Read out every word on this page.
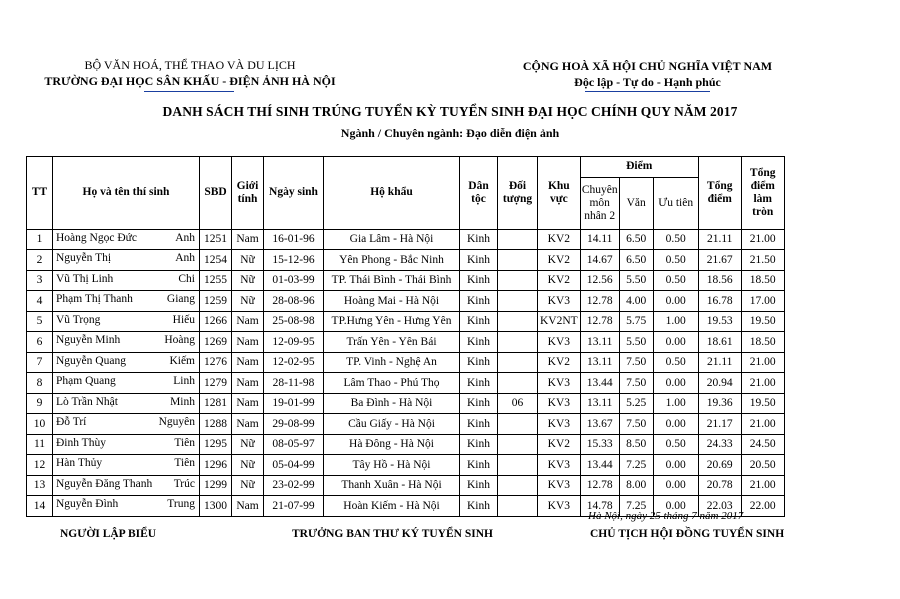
BỘ VĂN HOÁ, THỂ THAO VÀ DU LỊCH
TRƯỜNG ĐẠI HỌC SÂN KHẤU - ĐIỆN ẢNH HÀ NỘI
CỘNG HOÀ XÃ HỘI CHỦ NGHĨA VIỆT NAM
Độc lập - Tự do - Hạnh phúc
DANH SÁCH THÍ SINH TRÚNG TUYỂN KỲ TUYỂN SINH ĐẠI HỌC CHÍNH QUY NĂM 2017
Ngành / Chuyên ngành: Đạo diễn điện ảnh
TT	Họ và tên thí sinh	SBD	Giới tính	Ngày sinh	Hộ khẩu	Dân tộc	Đối tượng	Khu vực	Điểm			Tổng điểm	Tổng điểm làm tròn
									Chuyên môn nhân 2	Văn	Ưu tiên		
1	Hoàng Ngọc Đức Anh	1251	Nam	16-01-96	Gia Lâm - Hà Nội	Kinh		KV2	14.11	6.50	0.50	21.11	21.00
2	Nguyễn Thị Anh	1254	Nữ	15-12-96	Yên Phong - Bắc Ninh	Kinh		KV2	14.67	6.50	0.50	21.67	21.50
3	Vũ Thị Linh Chi	1255	Nữ	01-03-99	TP. Thái Bình - Thái Bình	Kinh		KV2	12.56	5.50	0.50	18.56	18.50
4	Phạm Thị Thanh Giang	1259	Nữ	28-08-96	Hoàng Mai - Hà Nội	Kinh		KV3	12.78	4.00	0.00	16.78	17.00
5	Vũ Trọng Hiếu	1266	Nam	25-08-98	TP.Hưng Yên - Hưng Yên	Kinh		KV2NT	12.78	5.75	1.00	19.53	19.50
6	Nguyễn Minh Hoàng	1269	Nam	12-09-95	Trấn Yên - Yên Bái	Kinh		KV3	13.11	5.50	0.00	18.61	18.50
7	Nguyễn Quang Kiếm	1276	Nam	12-02-95	TP. Vinh - Nghệ An	Kinh		KV2	13.11	7.50	0.50	21.11	21.00
8	Phạm Quang Linh	1279	Nam	28-11-98	Lâm Thao - Phú Thọ	Kinh		KV3	13.44	7.50	0.00	20.94	21.00
9	Lò Trần Nhật Minh	1281	Nam	19-01-99	Ba Đình - Hà Nội	Kinh	06	KV3	13.11	5.25	1.00	19.36	19.50
10	Đỗ Trí Nguyên	1288	Nam	29-08-99	Cầu Giấy - Hà Nội	Kinh		KV3	13.67	7.50	0.00	21.17	21.00
11	Đinh Thùy Tiên	1295	Nữ	08-05-97	Hà Đông - Hà Nội	Kinh		KV2	15.33	8.50	0.50	24.33	24.50
12	Hàn Thủy Tiên	1296	Nữ	05-04-99	Tây Hồ - Hà Nội	Kinh		KV3	13.44	7.25	0.00	20.69	20.50
13	Nguyễn Đăng Thanh Trúc	1299	Nữ	23-02-99	Thanh Xuân - Hà Nội	Kinh		KV3	12.78	8.00	0.00	20.78	21.00
14	Nguyễn Đình Trung	1300	Nam	21-07-99	Hoàn Kiếm - Hà Nội	Kinh		KV3	14.78	7.25	0.00	22.03	22.00
Hà Nội, ngày 25 tháng 7 năm 2017
NGƯỜI LẬP BIỂU	TRƯỞNG BAN THƯ KÝ TUYỂN SINH	CHỦ TỊCH HỘI ĐỒNG TUYỂN SINH
